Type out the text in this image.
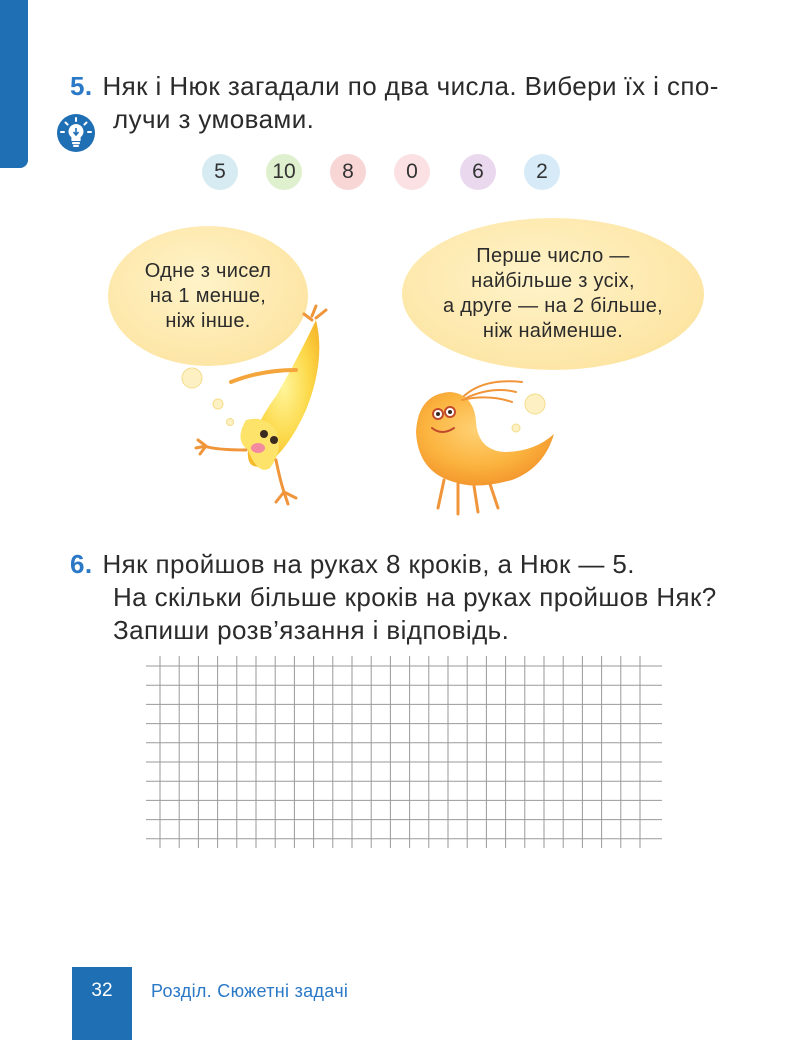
5. Няк і Нюк загадали по два числа. Вибери їх і спо-
лучи з умовами.
5 10 8 0	6 2
Одне з чисел
на 1 менше,
ніж інше.
Перше число —
найбільше з усіх,
а друге — на 2 більше,
ніж найменше.
6. Няк пройшов на руках 8 кроків, а Нюк — 5.
На скільки більше кроків на руках пройшов Няк?
Запиши розв’язання і відповідь.
32	Розділ. Сюжетні задачі
